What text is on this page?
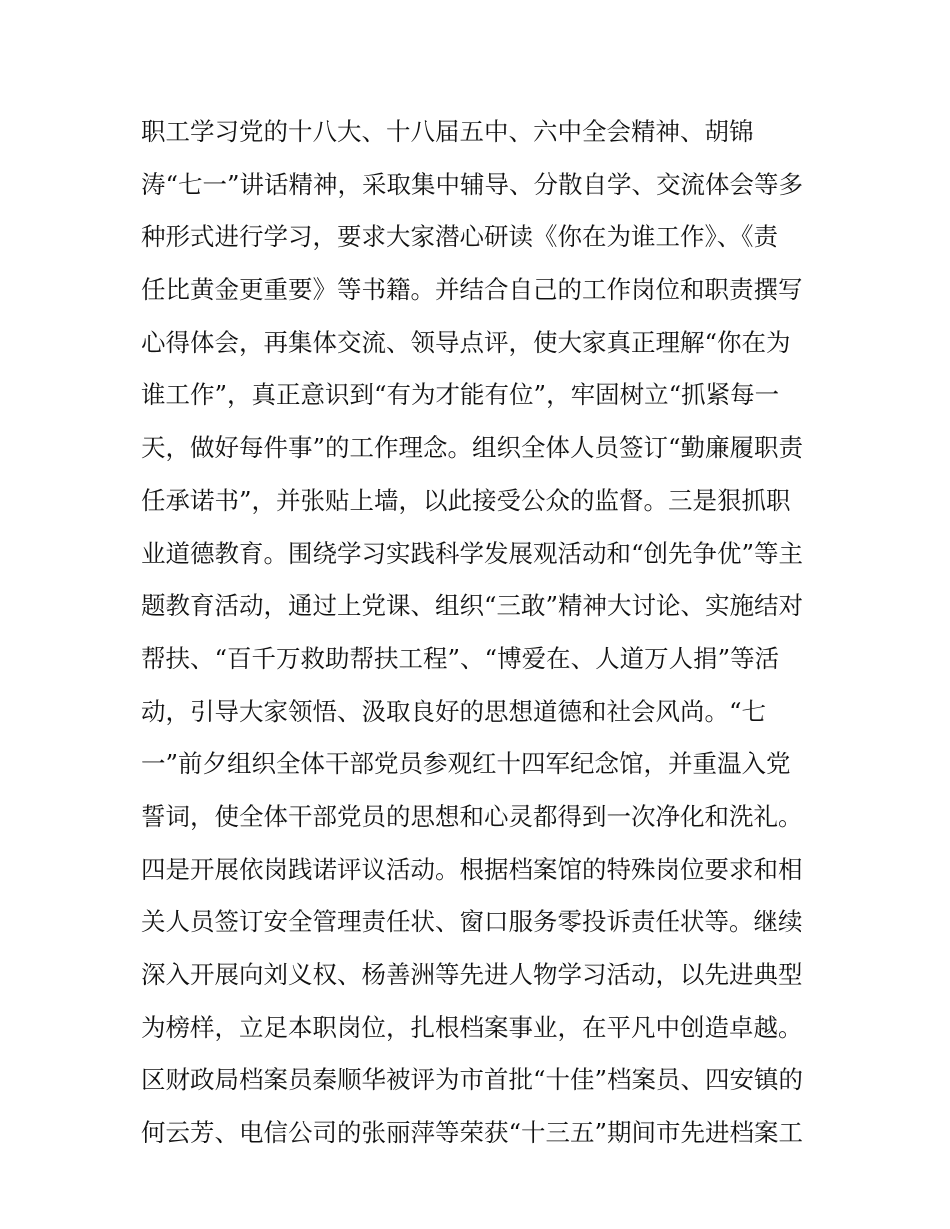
职工学习党的十八大、十八届五中、六中全会精神、胡锦
涛“七一”讲话精神，采取集中辅导、分散自学、交流体会等多
种形式进行学习，要求大家潜心研读《你在为谁工作》、《责
任比黄金更重要》等书籍。并结合自己的工作岗位和职责撰写
心得体会，再集体交流、领导点评，使大家真正理解“你在为
谁工作”，真正意识到“有为才能有位”，牢固树立“抓紧每一
天，做好每件事”的工作理念。组织全体人员签订“勤廉履职责
任承诺书”，并张贴上墙，以此接受公众的监督。三是狠抓职
业道德教育。围绕学习实践科学发展观活动和“创先争优”等主
题教育活动，通过上党课、组织“三敢”精神大讨论、实施结对
帮扶、“百千万救助帮扶工程”、“博爱在、人道万人捐”等活
动，引导大家领悟、汲取良好的思想道德和社会风尚。“七
一”前夕组织全体干部党员参观红十四军纪念馆，并重温入党
誓词，使全体干部党员的思想和心灵都得到一次净化和洗礼。
四是开展依岗践诺评议活动。根据档案馆的特殊岗位要求和相
关人员签订安全管理责任状、窗口服务零投诉责任状等。继续
深入开展向刘义权、杨善洲等先进人物学习活动，以先进典型
为榜样，立足本职岗位，扎根档案事业，在平凡中创造卓越。
区财政局档案员秦顺华被评为市首批“十佳”档案员、四安镇的
何云芳、电信公司的张丽萍等荣获“十三五”期间市先进档案工
